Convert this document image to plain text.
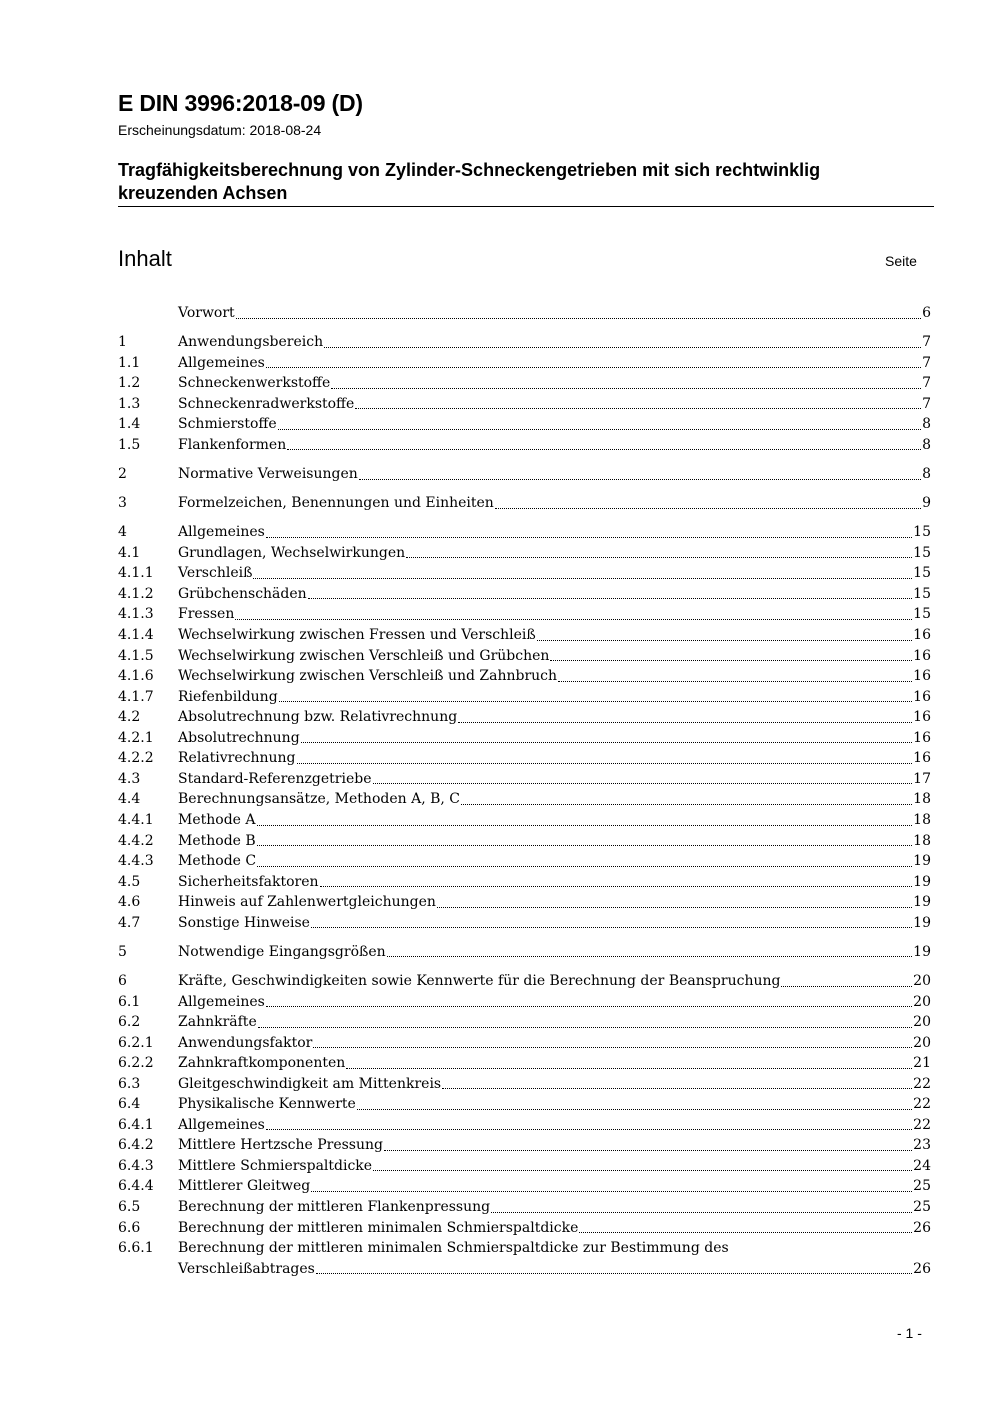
E DIN 3996:2018-09 (D)
Erscheinungsdatum: 2018-08-24
Tragfähigkeitsberechnung von Zylinder-Schneckengetrieben mit sich rechtwinklig kreuzenden Achsen
Inhalt	Seite
Vorwort	6
1	Anwendungsbereich	7
1.1	Allgemeines	7
1.2	Schneckenwerkstoffe	7
1.3	Schneckenradwerkstoffe	7
1.4	Schmierstoffe	8
1.5	Flankenformen	8
2	Normative Verweisungen	8
3	Formelzeichen, Benennungen und Einheiten	9
4	Allgemeines	15
4.1	Grundlagen, Wechselwirkungen	15
4.1.1	Verschleiß	15
4.1.2	Grübchenschäden	15
4.1.3	Fressen	15
4.1.4	Wechselwirkung zwischen Fressen und Verschleiß	16
4.1.5	Wechselwirkung zwischen Verschleiß und Grübchen	16
4.1.6	Wechselwirkung zwischen Verschleiß und Zahnbruch	16
4.1.7	Riefenbildung	16
4.2	Absolutrechnung bzw. Relativrechnung	16
4.2.1	Absolutrechnung	16
4.2.2	Relativrechnung	16
4.3	Standard-Referenzgetriebe	17
4.4	Berechnungsansätze, Methoden A, B, C	18
4.4.1	Methode A	18
4.4.2	Methode B	18
4.4.3	Methode C	19
4.5	Sicherheitsfaktoren	19
4.6	Hinweis auf Zahlenwertgleichungen	19
4.7	Sonstige Hinweise	19
5	Notwendige Eingangsgrößen	19
6	Kräfte, Geschwindigkeiten sowie Kennwerte für die Berechnung der Beanspruchung	20
6.1	Allgemeines	20
6.2	Zahnkräfte	20
6.2.1	Anwendungsfaktor	20
6.2.2	Zahnkraftkomponenten	21
6.3	Gleitgeschwindigkeit am Mittenkreis	22
6.4	Physikalische Kennwerte	22
6.4.1	Allgemeines	22
6.4.2	Mittlere Hertzsche Pressung	23
6.4.3	Mittlere Schmierspaltdicke	24
6.4.4	Mittlerer Gleitweg	25
6.5	Berechnung der mittleren Flankenpressung	25
6.6	Berechnung der mittleren minimalen Schmierspaltdicke	26
6.6.1	Berechnung der mittleren minimalen Schmierspaltdicke zur Bestimmung des
Verschleißabtrages	26
- 1 -
